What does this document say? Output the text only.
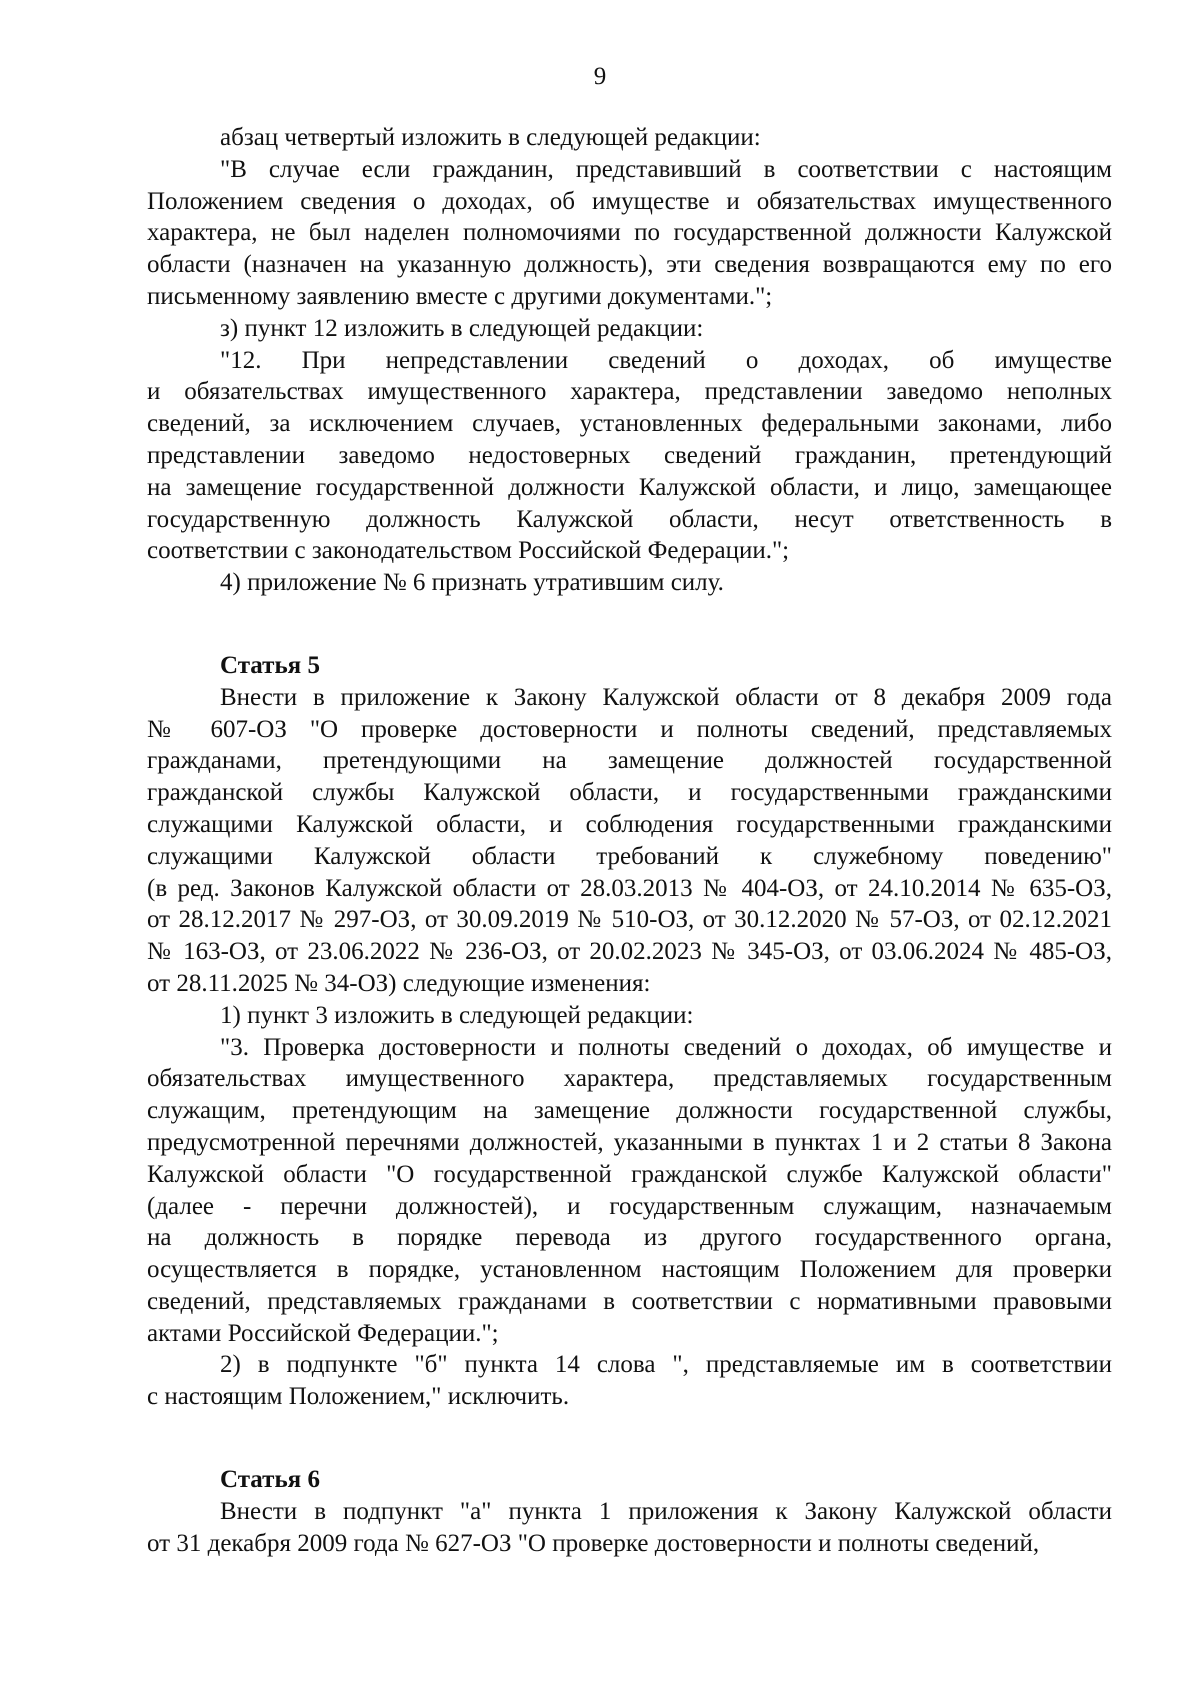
9

абзац четвертый изложить в следующей редакции:

"В случае если гражданин, представивший в соответствии с настоящим
Положением сведения о доходах, об имуществе и обязательствах имущественного
характера, не был наделен полномочиями по государственной должности Калужской
области (назначен на указанную должность), эти сведения возвращаются ему по его
письменному заявлению вместе с другими документами.";

з) пункт 12 изложить в следующей редакции:

"12. При непредставлении сведений о доходах, об имуществе
и обязательствах имущественного характера, представлении заведомо неполных
сведений, за исключением случаев, установленных федеральными законами, либо
представлении заведомо недостоверных сведений гражданин, претендующий
на замещение государственной должности Калужской области, и лицо, замещающее
государственную должность Калужской области, несут ответственность в
соответствии с законодательством Российской Федерации.";

4) приложение № 6 признать утратившим силу.

Статья 5

Внести в приложение к Закону Калужской области от 8 декабря 2009 года
№ 607-ОЗ "О проверке достоверности и полноты сведений, представляемых
гражданами, претендующими на замещение должностей государственной
гражданской службы Калужской области, и государственными гражданскими
служащими Калужской области, и соблюдения государственными гражданскими
служащими Калужской области требований к служебному поведению"
(в ред. Законов Калужской области от 28.03.2013 № 404-ОЗ, от 24.10.2014 № 635-ОЗ,
от 28.12.2017 № 297-ОЗ, от 30.09.2019 № 510-ОЗ, от 30.12.2020 № 57-ОЗ, от 02.12.2021
№ 163-ОЗ, от 23.06.2022 № 236-ОЗ, от 20.02.2023 № 345-ОЗ, от 03.06.2024 № 485-ОЗ,
от 28.11.2025 № 34-ОЗ) следующие изменения:

1) пункт 3 изложить в следующей редакции:

"3. Проверка достоверности и полноты сведений о доходах, об имуществе и
обязательствах имущественного характера, представляемых государственным
служащим, претендующим на замещение должности государственной службы,
предусмотренной перечнями должностей, указанными в пунктах 1 и 2 статьи 8 Закона
Калужской области "О государственной гражданской службе Калужской области"
(далее - перечни должностей), и государственным служащим, назначаемым
на должность в порядке перевода из другого государственного органа,
осуществляется в порядке, установленном настоящим Положением для проверки
сведений, представляемых гражданами в соответствии с нормативными правовыми
актами Российской Федерации.";

2) в подпункте "б" пункта 14 слова ", представляемые им в соответствии
с настоящим Положением," исключить.

Статья 6

Внести в подпункт "а" пункта 1 приложения к Закону Калужской области
от 31 декабря 2009 года № 627-ОЗ "О проверке достоверности и полноты сведений,
